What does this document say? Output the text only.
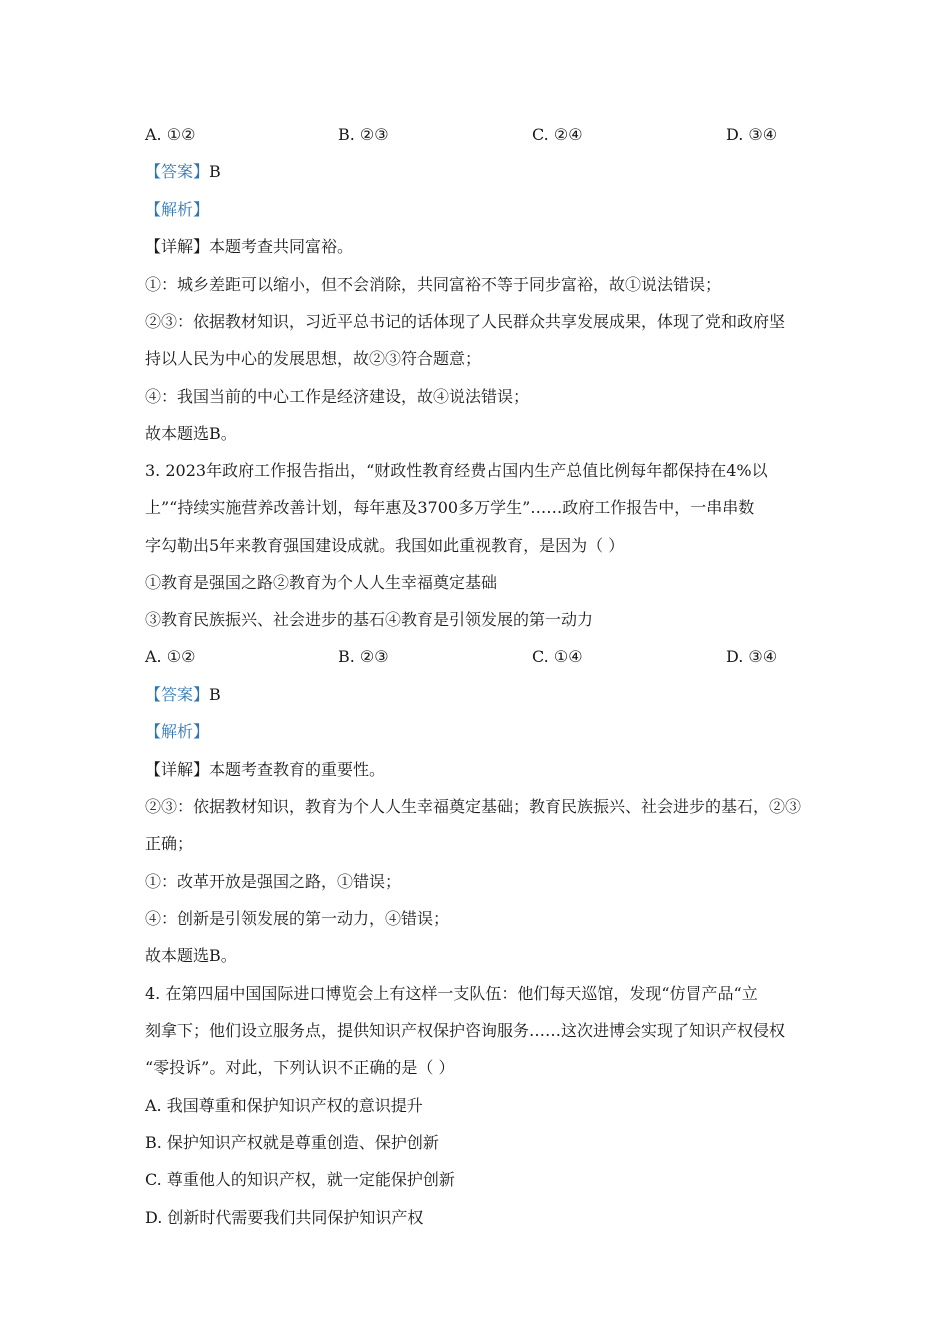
A. ①②	B. ②③	C. ②④	D. ③④
【答案】B
【解析】
【详解】本题考查共同富裕。
①：城乡差距可以缩小，但不会消除，共同富裕不等于同步富裕，故①说法错误；
②③：依据教材知识，习近平总书记的话体现了人民群众共享发展成果，体现了党和政府坚
持以人民为中心的发展思想，故②③符合题意；
④：我国当前的中心工作是经济建设，故④说法错误；
故本题选B。
3. 2023年政府工作报告指出，“财政性教育经费占国内生产总值比例每年都保持在4%以
上”“持续实施营养改善计划，每年惠及3700多万学生”……政府工作报告中，一串串数
字勾勒出5年来教育强国建设成就。我国如此重视教育，是因为（ ）
①教育是强国之路②教育为个人人生幸福奠定基础
③教育民族振兴、社会进步的基石④教育是引领发展的第一动力
A. ①②	B. ②③	C. ①④	D. ③④
【答案】B
【解析】
【详解】本题考查教育的重要性。
②③：依据教材知识，教育为个人人生幸福奠定基础；教育民族振兴、社会进步的基石，②③
正确；
①：改革开放是强国之路，①错误；
④：创新是引领发展的第一动力，④错误；
故本题选B。
4. 在第四届中国国际进口博览会上有这样一支队伍：他们每天巡馆，发现“仿冒产品“立
刻拿下；他们设立服务点，提供知识产权保护咨询服务……这次进博会实现了知识产权侵权
“零投诉”。对此，下列认识不正确的是（ ）
A. 我国尊重和保护知识产权的意识提升
B. 保护知识产权就是尊重创造、保护创新
C. 尊重他人的知识产权，就一定能保护创新
D. 创新时代需要我们共同保护知识产权
